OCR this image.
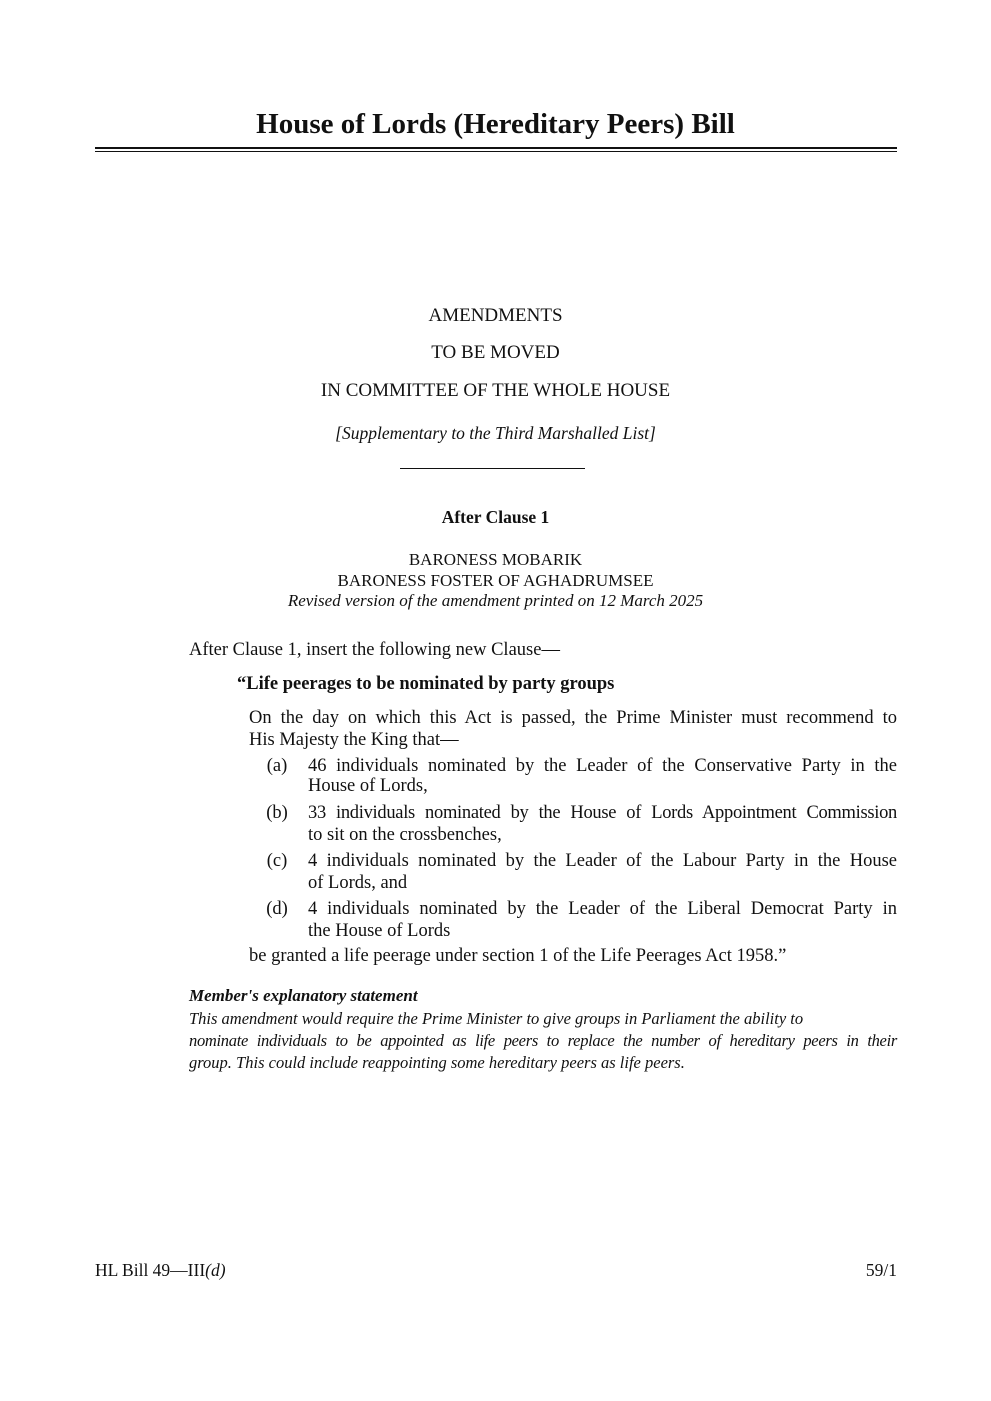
House of Lords (Hereditary Peers) Bill
AMENDMENTS
TO BE MOVED
IN COMMITTEE OF THE WHOLE HOUSE
[Supplementary to the Third Marshalled List]
After Clause 1
BARONESS MOBARIK
BARONESS FOSTER OF AGHADRUMSEE
Revised version of the amendment printed on 12 March 2025
After Clause 1, insert the following new Clause—
“Life peerages to be nominated by party groups
On the day on which this Act is passed, the Prime Minister must recommend to
His Majesty the King that—
(a)	46 individuals nominated by the Leader of the Conservative Party in the
House of Lords,
(b)	33 individuals nominated by the House of Lords Appointment Commission
to sit on the crossbenches,
(c)	4 individuals nominated by the Leader of the Labour Party in the House
of Lords, and
(d)	4 individuals nominated by the Leader of the Liberal Democrat Party in
the House of Lords
be granted a life peerage under section 1 of the Life Peerages Act 1958.”
Member's explanatory statement
This amendment would require the Prime Minister to give groups in Parliament the ability to
nominate individuals to be appointed as life peers to replace the number of hereditary peers in their
group. This could include reappointing some hereditary peers as life peers.
HL Bill 49—III(d)	59/1
